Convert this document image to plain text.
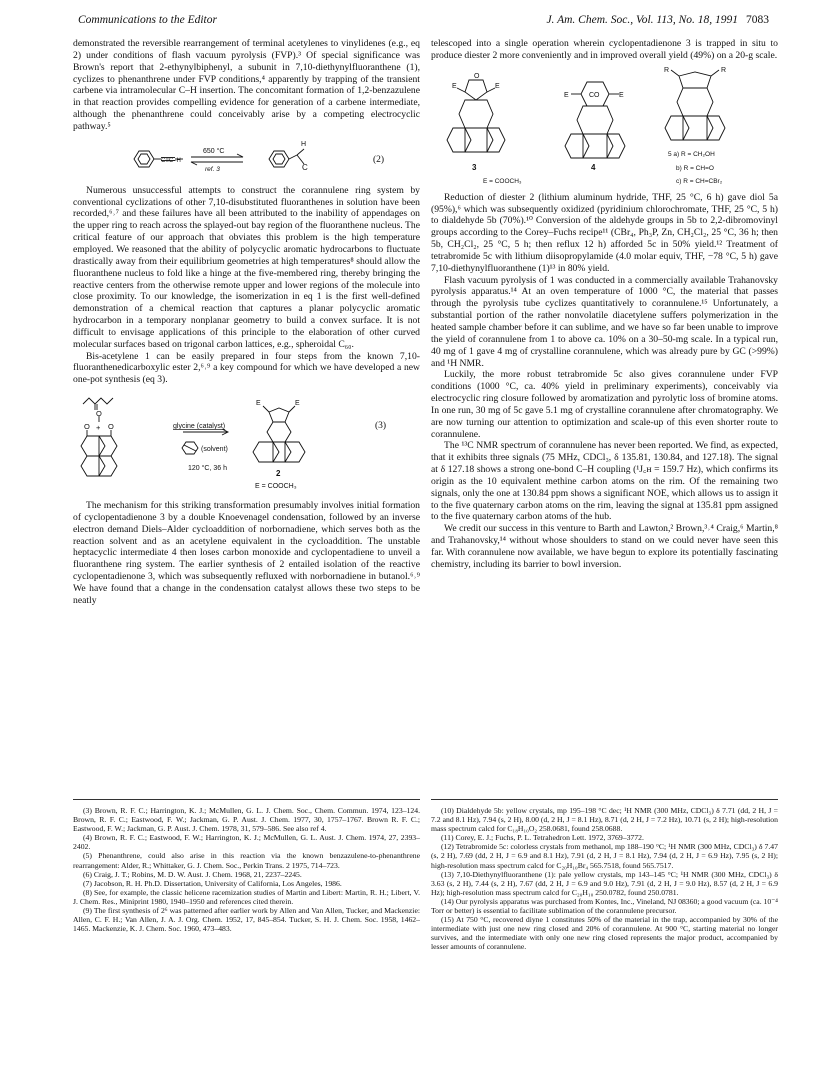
Communications to the Editor	J. Am. Chem. Soc., Vol. 113, No. 18, 1991 7083

demonstrated the reversible rearrangement of terminal acetylenes to vinylidenes (e.g., eq 2) under conditions of flash vacuum pyrolysis (FVP).³ Of special significance was Brown's report that 2-ethynylbiphenyl, a subunit in 7,10-diethynylfluoranthene (1), cyclizes to phenanthrene under FVP conditions,⁴ apparently by trapping of the transient carbene via intramolecular C–H insertion. The concomitant formation of 1,2-benzazulene in that reaction provides compelling evidence for generation of a carbene intermediate, although the phenanthrene could conceivably arise by a competing electrocyclic pathway.⁵

C≡C–H
H
C
650 °C
ref. 3
(2)

Numerous unsuccessful attempts to construct the corannulene ring system by conventional cyclizations of other 7,10-disubstituted fluoranthenes in solution have been recorded,⁶˒⁷ and these failures have all been attributed to the inability of appendages on the upper ring to reach across the splayed-out bay region of the fluoranthene nucleus. The critical feature of our approach that obviates this problem is the high temperature employed. We reasoned that the ability of polycyclic aromatic hydrocarbons to fluctuate drastically away from their equilibrium geometries at high temperatures⁸ should allow the fluoranthene nucleus to fold like a hinge at the five-membered ring, thereby bringing the reactive centers from the otherwise remote upper and lower regions of the molecule into close proximity. To our knowledge, the isomerization in eq 1 is the first well-defined demonstration of a chemical reaction that captures a planar polycyclic aromatic hydrocarbon in a temporary nonplanar geometry to build a convex surface. It is not difficult to envisage applications of this principle to the elaboration of other curved molecular surfaces based on trigonal carbon lattices, e.g., spheroidal C₆₀.

Bis-acetylene 1 can be easily prepared in four steps from the known 7,10-fluoranthenedicarboxylic ester 2,⁶˒⁹ a key compound for which we have developed a new one-pot synthesis (eq 3).

O
+
O O
E	E
glycine (catalyst)
(solvent)
120 °C, 36 h
2
E = COOCH₃
(3)

The mechanism for this striking transformation presumably involves initial formation of cyclopentadienone 3 by a double Knoevenagel condensation, followed by an inverse electron demand Diels–Alder cycloaddition of norbornadiene, which serves both as the reaction solvent and as an acetylene equivalent in the cycloaddition. The unstable heptacyclic intermediate 4 then loses carbon monoxide and cyclopentadiene to unveil a fluoranthene ring system. The earlier synthesis of 2 entailed isolation of the reactive cyclopentadienone 3, which was subsequently refluxed with norbornadiene in butanol.⁶˒⁹ We have found that a change in the condensation catalyst allows these two steps to be neatly

telescoped into a single operation wherein cyclopentadienone 3 is trapped in situ to produce diester 2 more conveniently and in improved overall yield (49%) on a 20-g scale.

E	E
O
E	E
CO
R	R
3	4
E = COOCH₃
5 a) R = CH₂OH
b) R = CH=O
c) R = CH=CBr₂

Reduction of diester 2 (lithium aluminum hydride, THF, 25 °C, 6 h) gave diol 5a (95%),⁶ which was subsequently oxidized (pyridinium chlorochromate, THF, 25 °C, 5 h) to dialdehyde 5b (70%).¹⁰ Conversion of the aldehyde groups in 5b to 2,2-dibromovinyl groups according to the Corey–Fuchs recipe¹¹ (CBr₄, Ph₃P, Zn, CH₂Cl₂, 25 °C, 36 h; then 5b, CH₂Cl₂, 25 °C, 5 h; then reflux 12 h) afforded 5c in 50% yield.¹² Treatment of tetrabromide 5c with lithium diisopropylamide (4.0 molar equiv, THF, −78 °C, 5 h) gave 7,10-diethynylfluoranthene (1)¹³ in 80% yield.

Flash vacuum pyrolysis of 1 was conducted in a commercially available Trahanovsky pyrolysis apparatus.¹⁴ At an oven temperature of 1000 °C, the material that passes through the pyrolysis tube cyclizes quantitatively to corannulene.¹⁵ Unfortunately, a substantial portion of the rather nonvolatile diacetylene suffers polymerization in the heated sample chamber before it can sublime, and we have so far been unable to improve the yield of corannulene from 1 to above ca. 10% on a 30–50-mg scale. In a typical run, 40 mg of 1 gave 4 mg of crystalline corannulene, which was already pure by GC (>99%) and ¹H NMR.

Luckily, the more robust tetrabromide 5c also gives corannulene under FVP conditions (1000 °C, ca. 40% yield in preliminary experiments), conceivably via electrocyclic ring closure followed by aromatization and pyrolytic loss of bromine atoms. In one run, 30 mg of 5c gave 5.1 mg of crystalline corannulene after chromatography. We are now turning our attention to optimization and scale-up of this even shorter route to corannulene.

The ¹³C NMR spectrum of corannulene has never been reported. We find, as expected, that it exhibits three signals (75 MHz, CDCl₃, δ 135.81, 130.84, and 127.18). The signal at δ 127.18 shows a strong one-bond C–H coupling (¹J꜀ʜ = 159.7 Hz), which confirms its origin as the 10 equivalent methine carbon atoms on the rim. Of the remaining two signals, only the one at 130.84 ppm shows a significant NOE, which allows us to assign it to the five quaternary carbon atoms on the rim, leaving the signal at 135.81 ppm assigned to the five quaternary carbon atoms of the hub.

We credit our success in this venture to Barth and Lawton,² Brown,³˒⁴ Craig,⁶ Martin,⁸ and Trahanovsky,¹⁴ without whose shoulders to stand on we could never have seen this far. With corannulene now available, we have begun to explore its potentially fascinating chemistry, including its barrier to bowl inversion.

(3) Brown, R. F. C.; Harrington, K. J.; McMullen, G. L. J. Chem. Soc., Chem. Commun. 1974, 123–124. Brown, R. F. C.; Eastwood, F. W.; Jackman, G. P. Aust. J. Chem. 1977, 30, 1757–1767. Brown R. F. C.; Eastwood, F. W.; Jackman, G. P. Aust. J. Chem. 1978, 31, 579–586. See also ref 4.

(4) Brown, R. F. C.; Eastwood, F. W.; Harrington, K. J.; McMullen, G. L. Aust. J. Chem. 1974, 27, 2393–2402.

(5) Phenanthrene, could also arise in this reaction via the known benzazulene-to-phenanthrene rearrangement: Alder, R.; Whittaker, G. J. Chem. Soc., Perkin Trans. 2 1975, 714–723.

(6) Craig, J. T.; Robins, M. D. W. Aust. J. Chem. 1968, 21, 2237–2245.

(7) Jacobson, R. H. Ph.D. Dissertation, University of California, Los Angeles, 1986.

(8) See, for example, the classic helicene racemization studies of Martin and Libert: Martin, R. H.; Libert, V. J. Chem. Res., Miniprint 1980, 1940–1950 and references cited therein.

(9) The first synthesis of 2⁶ was patterned after earlier work by Allen and Van Allen, Tucker, and Mackenzie: Allen, C. F. H.; Van Allen, J. A. J. Org. Chem. 1952, 17, 845–854. Tucker, S. H. J. Chem. Soc. 1958, 1462–1465. Mackenzie, K. J. Chem. Soc. 1960, 473–483.

(10) Dialdehyde 5b: yellow crystals, mp 195–198 °C dec; ¹H NMR (300 MHz, CDCl₃) δ 7.71 (dd, 2 H, J = 7.2 and 8.1 Hz), 7.94 (s, 2 H), 8.00 (d, 2 H, J = 8.1 Hz), 8.71 (d, 2 H, J = 7.2 Hz), 10.71 (s, 2 H); high-resolution mass spectrum calcd for C₁₈H₁₀O₂ 258.0681, found 258.0688.

(11) Corey, E. J.; Fuchs, P. L. Tetrahedron Lett. 1972, 3769–3772.

(12) Tetrabromide 5c: colorless crystals from methanol, mp 188–190 °C; ¹H NMR (300 MHz, CDCl₃) δ 7.47 (s, 2 H), 7.69 (dd, 2 H, J = 6.9 and 8.1 Hz), 7.91 (d, 2 H, J = 8.1 Hz), 7.94 (d, 2 H, J = 6.9 Hz), 7.95 (s, 2 H); high-resolution mass spectrum calcd for C₂₀H₁₀Br₄ 565.7518, found 565.7517.

(13) 7,10-Diethynylfluoranthene (1): pale yellow crystals, mp 143–145 °C; ¹H NMR (300 MHz, CDCl₃) δ 3.63 (s, 2 H), 7.44 (s, 2 H), 7.67 (dd, 2 H, J = 6.9 and 9.0 Hz), 7.91 (d, 2 H, J = 9.0 Hz), 8.57 (d, 2 H, J = 6.9 Hz); high-resolution mass spectrum calcd for C₂₀H₁₀ 250.0782, found 250.0781.

(14) Our pyrolysis apparatus was purchased from Kontes, Inc., Vineland, NJ 08360; a good vacuum (ca. 10⁻⁴ Torr or better) is essential to facilitate sublimation of the corannulene precursor.

(15) At 750 °C, recovered diyne 1 constitutes 50% of the material in the trap, accompanied by 30% of the intermediate with just one new ring closed and 20% of corannulene. At 900 °C, starting material no longer survives, and the intermediate with only one new ring closed represents the major product, accompanied by lesser amounts of corannulene.
